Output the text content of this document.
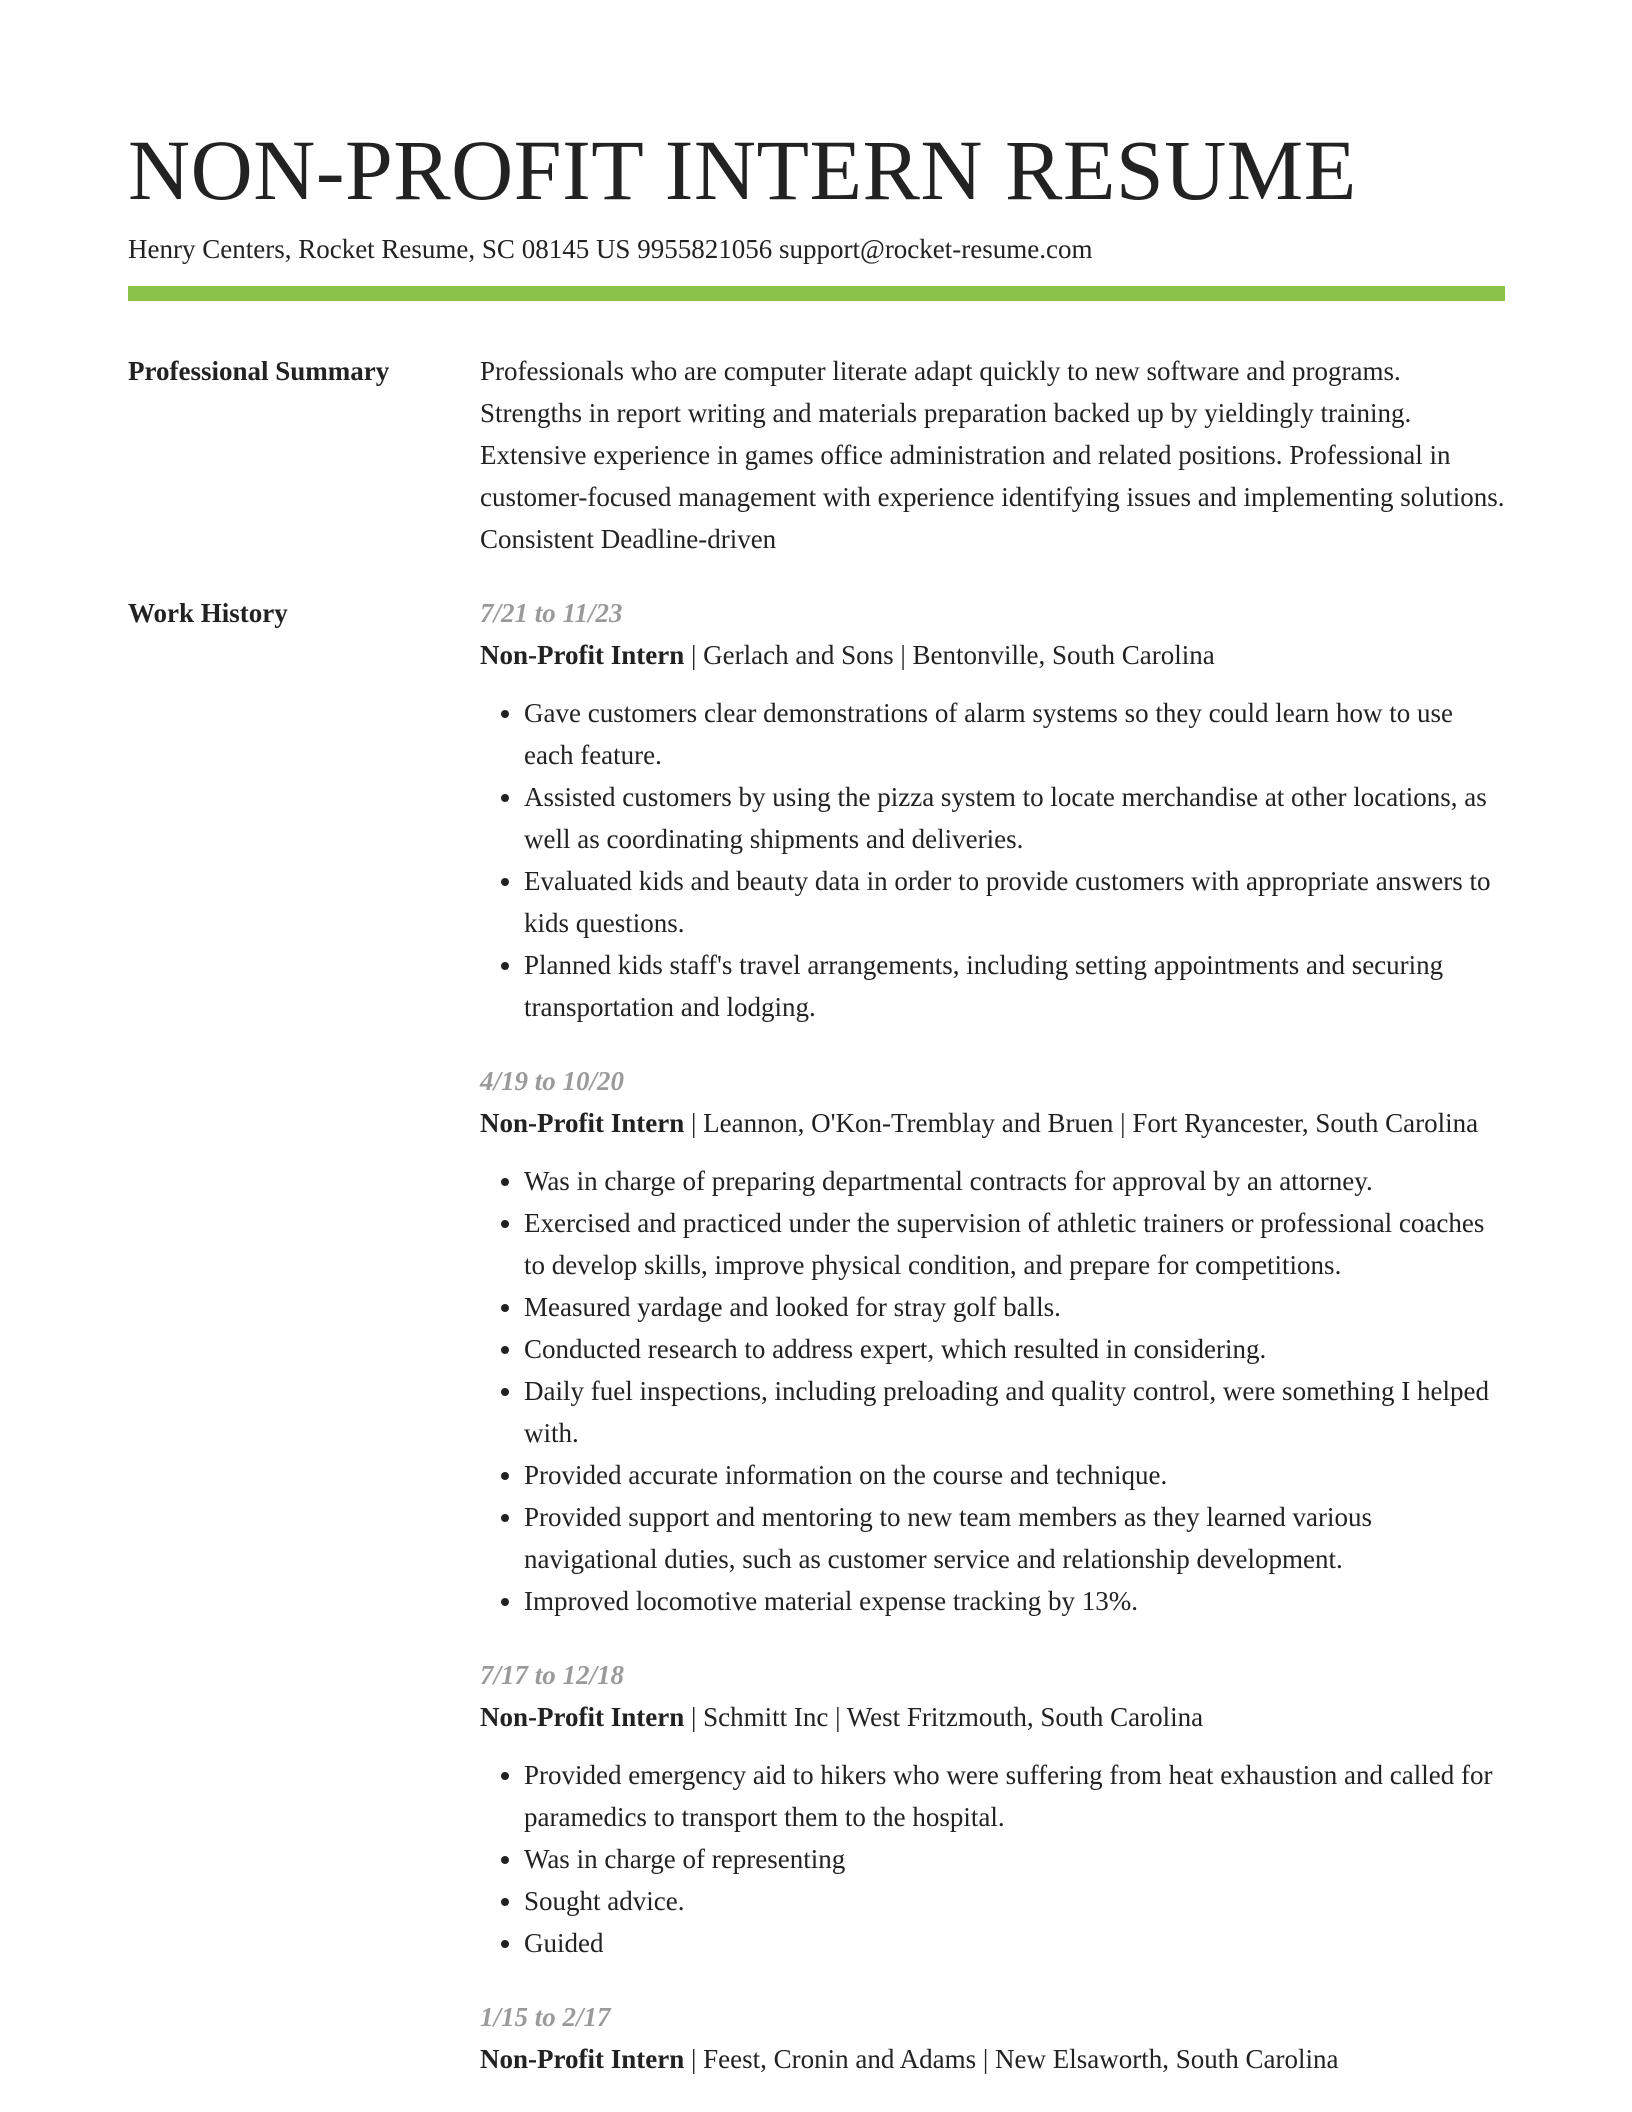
NON-PROFIT INTERN RESUME
Henry Centers, Rocket Resume, SC 08145 US 9955821056 support@rocket-resume.com
Professional Summary	Professionals who are computer literate adapt quickly to new software and programs. Strengths in report writing and materials preparation backed up by yieldingly training. Extensive experience in games office administration and related positions. Professional in customer-focused management with experience identifying issues and implementing solutions. Consistent Deadline-driven

Work History	7/21 to 11/23
Non-Profit Intern | Gerlach and Sons | Bentonville, South Carolina
• Gave customers clear demonstrations of alarm systems so they could learn how to use each feature.
• Assisted customers by using the pizza system to locate merchandise at other locations, as well as coordinating shipments and deliveries.
• Evaluated kids and beauty data in order to provide customers with appropriate answers to kids questions.
• Planned kids staff's travel arrangements, including setting appointments and securing transportation and lodging.
4/19 to 10/20
Non-Profit Intern | Leannon, O'Kon-Tremblay and Bruen | Fort Ryancester, South Carolina
• Was in charge of preparing departmental contracts for approval by an attorney.
• Exercised and practiced under the supervision of athletic trainers or professional coaches to develop skills, improve physical condition, and prepare for competitions.
• Measured yardage and looked for stray golf balls.
• Conducted research to address expert, which resulted in considering.
• Daily fuel inspections, including preloading and quality control, were something I helped with.
• Provided accurate information on the course and technique.
• Provided support and mentoring to new team members as they learned various navigational duties, such as customer service and relationship development.
• Improved locomotive material expense tracking by 13%.
7/17 to 12/18
Non-Profit Intern | Schmitt Inc | West Fritzmouth, South Carolina
• Provided emergency aid to hikers who were suffering from heat exhaustion and called for paramedics to transport them to the hospital.
• Was in charge of representing
• Sought advice.
• Guided
1/15 to 2/17
Non-Profit Intern | Feest, Cronin and Adams | New Elsaworth, South Carolina
